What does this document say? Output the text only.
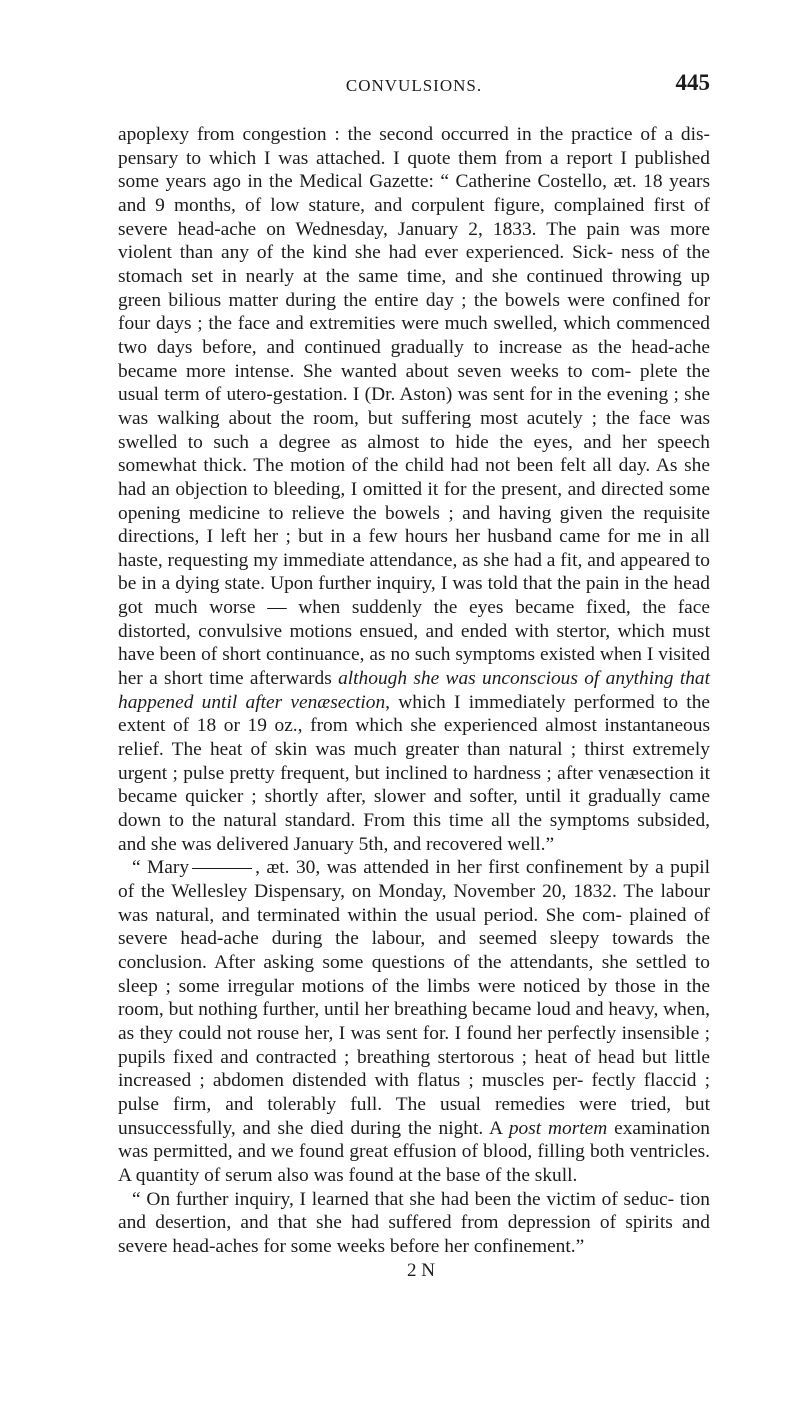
CONVULSIONS.	445

apoplexy from congestion : the second occurred in the practice of a dis- pensary to which I was attached. I quote them from a report I published some years ago in the Medical Gazette: “ Catherine Costello, æt. 18 years and 9 months, of low stature, and corpulent figure, complained first of severe head-ache on Wednesday, January 2, 1833. The pain was more violent than any of the kind she had ever experienced. Sick- ness of the stomach set in nearly at the same time, and she continued throwing up green bilious matter during the entire day ; the bowels were confined for four days ; the face and extremities were much swelled, which commenced two days before, and continued gradually to increase as the head-ache became more intense. She wanted about seven weeks to com- plete the usual term of utero-gestation. I (Dr. Aston) was sent for in the evening ; she was walking about the room, but suffering most acutely ; the face was swelled to such a degree as almost to hide the eyes, and her speech somewhat thick. The motion of the child had not been felt all day. As she had an objection to bleeding, I omitted it for the present, and directed some opening medicine to relieve the bowels ; and having given the requisite directions, I left her ; but in a few hours her husband came for me in all haste, requesting my immediate attendance, as she had a fit, and appeared to be in a dying state. Upon further inquiry, I was told that the pain in the head got much worse — when suddenly the eyes became fixed, the face distorted, convulsive motions ensued, and ended with stertor, which must have been of short continuance, as no such symptoms existed when I visited her a short time afterwards although she was unconscious of anything that happened until after venæsection, which I immediately performed to the extent of 18 or 19 oz., from which she experienced almost instantaneous relief. The heat of skin was much greater than natural ; thirst extremely urgent ; pulse pretty frequent, but inclined to hardness ; after venæsection it became quicker ; shortly after, slower and softer, until it gradually came down to the natural standard. From this time all the symptoms subsided, and she was delivered January 5th, and recovered well.”

“ Mary	, æt. 30, was attended in her first confinement by a pupil of the Wellesley Dispensary, on Monday, November 20, 1832. The labour was natural, and terminated within the usual period. She com- plained of severe head-ache during the labour, and seemed sleepy towards the conclusion. After asking some questions of the attendants, she settled to sleep ; some irregular motions of the limbs were noticed by those in the room, but nothing further, until her breathing became loud and heavy, when, as they could not rouse her, I was sent for. I found her perfectly insensible ; pupils fixed and contracted ; breathing stertorous ; heat of head but little increased ; abdomen distended with flatus ; muscles per- fectly flaccid ; pulse firm, and tolerably full. The usual remedies were tried, but unsuccessfully, and she died during the night. A post mortem examination was permitted, and we found great effusion of blood, filling both ventricles. A quantity of serum also was found at the base of the skull.

“ On further inquiry, I learned that she had been the victim of seduc- tion and desertion, and that she had suffered from depression of spirits and severe head-aches for some weeks before her confinement.”

2 N
